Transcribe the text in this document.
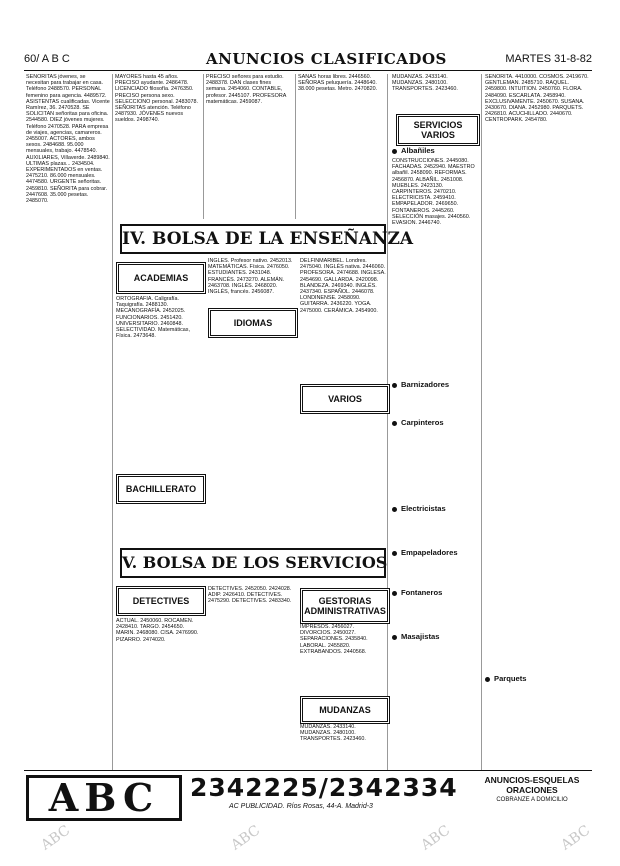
60/ A B C	ANUNCIOS CLASIFICADOS	MARTES 31-8-82

SEÑORITAS jóvenes, se necesitan para trabajar en casa. Teléfono 2488570. PERSONAL femenino para agencia. 4489572. ASISTENTAS cualificadas. Vicente Ramírez, 36. 2470528. SE SOLICITAN señoritas para oficina. 2544580. DIEZ jóvenes mujeres. Teléfono 2470528. PARA empresa de viajes, agencias, camareros. 2455007. ACTORES, ambos sexos. 2484688. 95.000 mensuales, trabajo. 4478540. AUXILIARES, Villaverde. 2489840. ULTIMAS plazas... 2434504. EXPERIMENTADOS en ventas. 2475210. 86.000 mensuales. 4474580. URGENTE señoritas. 2459810. SEÑORITA para cobrar. 2447608. 35.000 pesetas. 2485070.

MAYORES hasta 45 años. PRECISO ayudante. 2486478. LICENCIADO filosofía. 2476350. PRECISO persona sexo. SELECCIONO personal. 2483078. SEÑORITAS atención. Teléfono 2487930. JÓVENES nuevos sueldos. 2498740.

PRECISO señores para estudio. 2488378. DAN clases fines semana. 2454060. CONTABLE, profesor. 2445107. PROFESORA matemáticas. 2459087.

SANAS horas libres. 2446560. SEÑORAS peluquería. 2448640. 38.000 pesetas. Metro. 2470820.

IV. BOLSA DE LA ENSEÑANZA
ACADEMIAS

ORTOGRAFÍA. Caligrafía. Taquigrafía. 2488130. MECANOGRAFÍA. 2452025. FUNCIONARIOS. 2451420. UNIVERSITARIO. 2460848. SELECTIVIDAD. Matemáticas, Física. 2473648.

IDIOMAS

INGLÉS. Profesor nativo. 2452013. MATEMÁTICAS. Física. 2476050. ESTUDIANTES. 2431048. FRANCÉS. 2473270. ALEMÁN. 2463708. INGLÉS. 2468020. INGLÉS, francés. 2456087.

VARIOS

DELFÍNMARIBEL. Londres. 2475040. INGLÉS nativa. 2446060. PROFESORA. 2474688. INGLESA. 2454690. GALLARDA. 2420098. BLANDEZA. 2469340. INGLÉS. 2437340. ESPAÑOL. 2446078. LONDINENSE. 2458090. GUITARRA. 2436220. YOGA. 2475000. CERÁMICA. 2454900.

BACHILLERATO
V. BOLSA DE LOS SERVICIOS
DETECTIVES

ACTUAL. 2450060. ROCAMEN. 2428410. TARGO. 2454650. MARIN. 2468080. CISA. 2476990. PIZARRO. 2474020.

DETECTIVES. 2452050. 2424028. ADIP. 2426410. DETECTIVES. 2475290. DETECTIVES. 2483340.	GESTORIAS ADMINISTRATIVAS

IMPRESOS. 2456027. DIVORCIOS. 2450027. SEPARACIONES. 2435840. LABORAL. 2455820. EXTRABANDOS. 2440568.

MUDANZAS

MUDANZAS. 2433140. MUDANZAS. 2480100. TRANSPORTES. 2423460.

SERVICIOS VARIOS

MUDANZAS. 2433140. MUDANZAS. 2480100. TRANSPORTES. 2423460.

Albañiles

CONSTRUCCIONES. 2445080. FACHADAS. 2452940. MAESTRO albañil. 2458090. REFORMAS. 2456870. ALBAÑIL. 2451008. MUEBLES. 2423130. CARPINTEROS. 2470210. ELECTRICISTA. 2459410. EMPAPELADOR. 2469650. FONTANEROS. 2445260. SELECCIÓN masajes. 2440560. EVASION. 2446740.

Barnizadores
Carpinteros
Electricistas
Empapeladores
Fontaneros
Masajistas

SEÑORITA. 4410000. COSMOS. 2419670. GENTLEMAN. 2485710. RAQUEL. 2459800. INTUITION. 2450760. FLORA. 2484090. ESCARLATA. 2458940. EXCLUSIVAMENTE. 2450670. SUSANA. 2430670. DIANA. 2452980. PARQUETS. 2426810. ACUCHILLADO. 2440670. CENTROPARK. 2454780.

Parquets
ABC	2342225/2342334
AC PUBLICIDAD. Ríos Rosas, 44-A. Madrid-3
ANUNCIOS-ESQUELAS ORACIONES
COBRANZE A DOMICILIO
ABC	ABC	ABC	ABC
